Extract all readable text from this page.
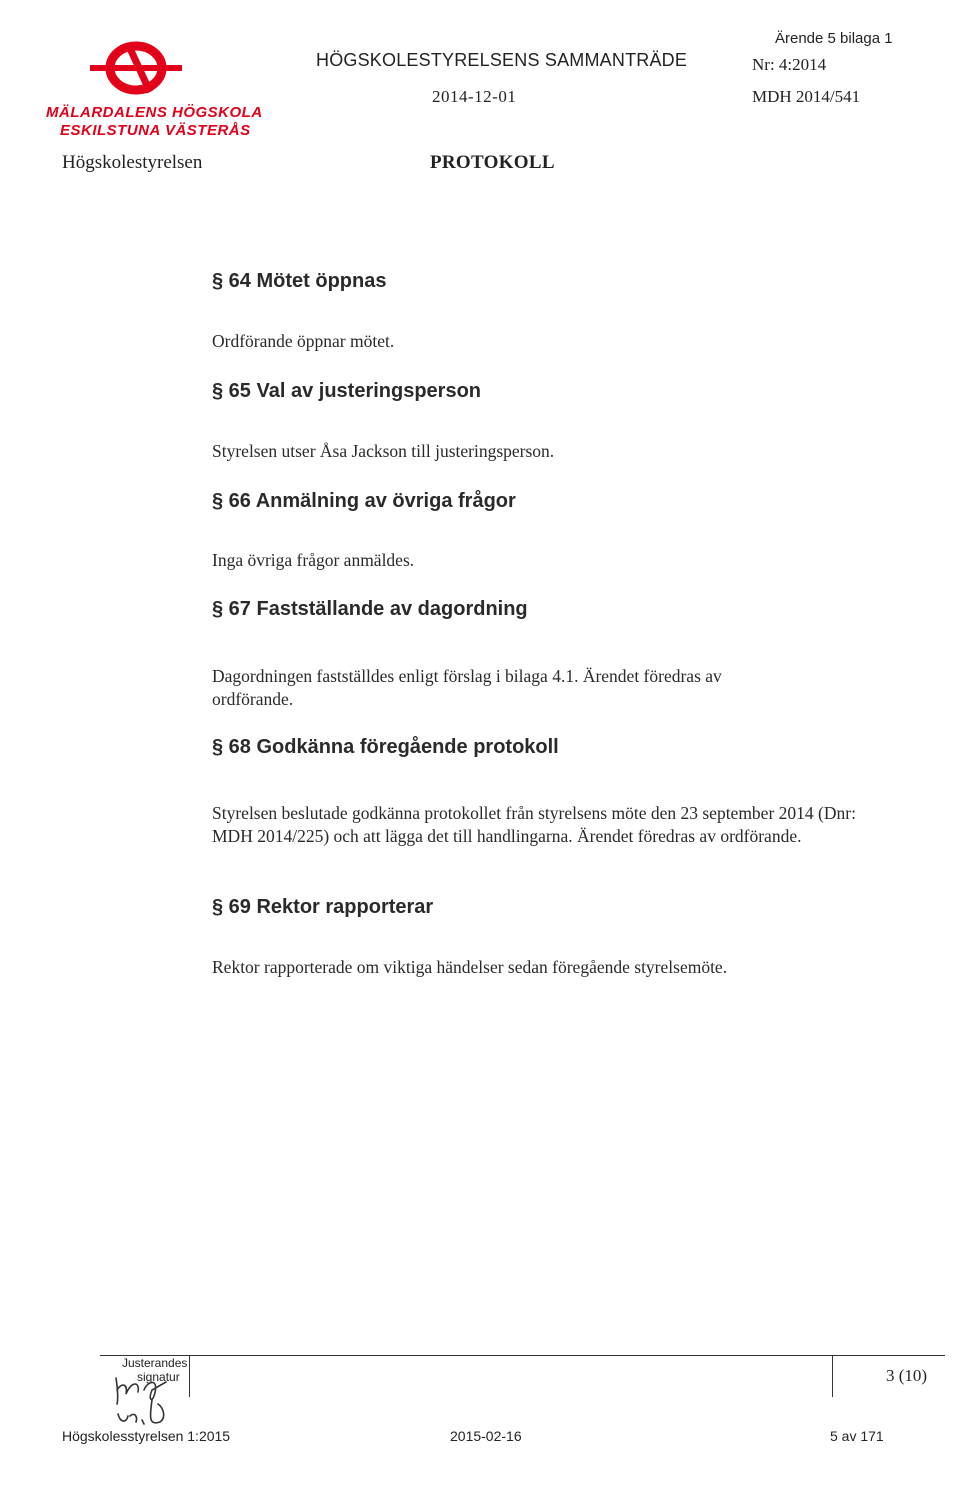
MÄLARDALENS HÖGSKOLA
ESKILSTUNA VÄSTERÅS
Högskolestyrelsen
HÖGSKOLESTYRELSENS SAMMANTRÄDE
2014-12-01
PROTOKOLL
Ärende 5 bilaga 1
Nr: 4:2014
MDH 2014/541
§ 64 Mötet öppnas
Ordförande öppnar mötet.
§ 65 Val av justeringsperson
Styrelsen utser Åsa Jackson till justeringsperson.
§ 66 Anmälning av övriga frågor
Inga övriga frågor anmäldes.
§ 67 Fastställande av dagordning
Dagordningen fastställdes enligt förslag i bilaga 4.1. Ärendet föredras av ordförande.
§ 68 Godkänna föregående protokoll
Styrelsen beslutade godkänna protokollet från styrelsens möte den 23 september 2014 (Dnr: MDH 2014/225) och att lägga det till handlingarna. Ärendet föredras av ordförande.
§ 69 Rektor rapporterar
Rektor rapporterade om viktiga händelser sedan föregående styrelsemöte.
Justerandes
signatur	3 (10)
Högskolesstyrelsen 1:2015	2015-02-16	5 av 171
